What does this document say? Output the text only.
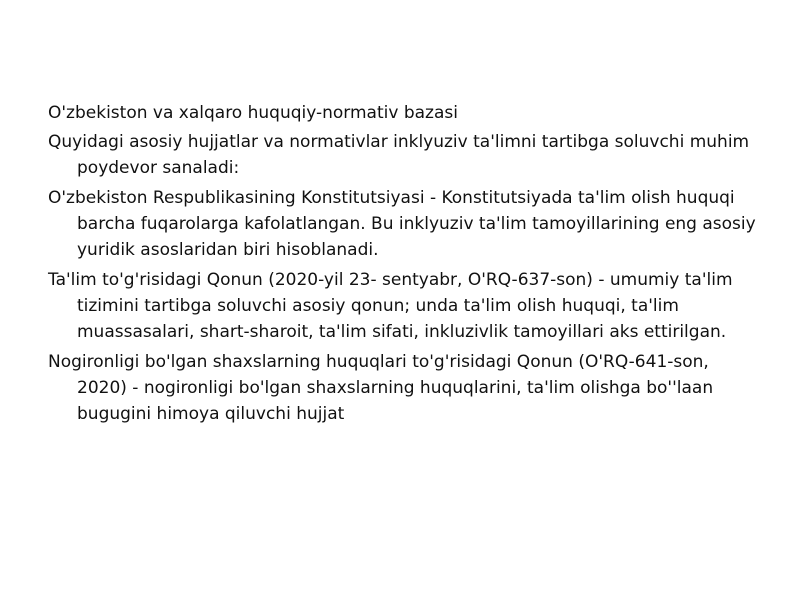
O'zbekiston va xalqaro huquqiy-normativ bazasi

Quyidagi asosiy hujjatlar va normativlar inklyuziv ta'limni tartibga soluvchi muhim poydevor sanaladi:

O'zbekiston Respublikasining Konstitutsiyasi - Konstitutsiyada ta'lim olish huquqi barcha fuqarolarga kafolatlangan. Bu inklyuziv ta'lim tamoyillarining eng asosiy yuridik asoslaridan biri hisoblanadi.

Ta'lim to'g'risidagi Qonun (2020-yil 23- sentyabr, O'RQ-637-son) - umumiy ta'lim tizimini tartibga soluvchi asosiy qonun; unda ta'lim olish huquqi, ta'lim muassasalari, shart-sharoit, ta'lim sifati, inkluzivlik tamoyillari aks ettirilgan.

Nogironligi bo'lgan shaxslarning huquqlari to'g'risidagi Qonun (O'RQ-641-son, 2020) - nogironligi bo'lgan shaxslarning huquqlarini, ta'lim olishga bo''laan bugugini himoya qiluvchi hujjat
